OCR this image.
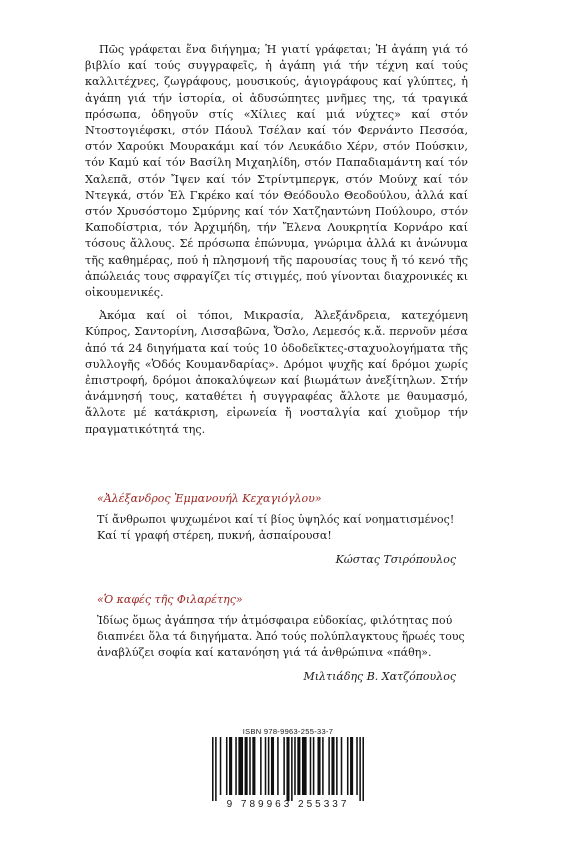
Πῶς γράφεται ἕνα διήγημα; Ἡ γιατί γράφεται; Ἡ ἀγάπη γιά τό βιβλίο καί τούς συγγραφεῖς, ἡ ἀγάπη γιά τήν τέχνη καί τούς καλλιτέχνες, ζωγράφους, μουσικούς, ἁγιογράφους καί γλύπτες, ἡ ἀγάπη γιά τήν ἱστορία, οἱ ἀδυσώπητες μνῆμες της, τά τραγικά πρόσωπα, ὁδηγοῦν στίς «Χίλιες καί μιά νύχτες» καί στόν Ντοστογιέφσκι, στόν Πάουλ Τσέλαν καί τόν Φερνάντο Πεσσόα, στόν Χαρούκι Μουρακάμι καί τόν Λευκάδιο Χέρν, στόν Πούσκιν, τόν Καμύ καί τόν Βασίλη Μιχαηλίδη, στόν Παπαδιαμάντη καί τόν Χαλεπᾶ, στόν Ἴψεν καί τόν Στρίντμπεργκ, στόν Μούνχ καί τόν Ντεγκά, στόν Ἐλ Γκρέκο καί τόν Θεόδουλο Θεοδούλου, ἀλλά καί στόν Χρυσόστομο Σμύρνης καί τόν Χατζηαντώνη Πούλουρο, στόν Καποδίστρια, τόν Ἀρχιμήδη, τήν Ἔλενα Λουκρητία Κορνάρο καί τόσους ἄλλους. Σέ πρόσωπα ἐπώνυμα, γνώριμα ἀλλά κι ἀνώνυμα τῆς καθημέρας, πού ἡ πλησμονή τῆς παρουσίας τους ἤ τό κενό τῆς ἀπώλειάς τους σφραγίζει τίς στιγμές, πού γίνονται διαχρονικές κι οἰκουμενικές.

Ἀκόμα καί οἱ τόποι, Μικρασία, Ἀλεξάνδρεια, κατεχόμενη Κύπρος, Σαντορίνη, Λισσαβῶνα, Ὄσλο, Λεμεσός κ.ἄ. περνοῦν μέσα ἀπό τά 24 διηγήματα καί τούς 10 ὁδοδεῖκτες-σταχυολογήματα τῆς συλλογῆς «Ὁδός Κουμανδαρίας». Δρόμοι ψυχῆς καί δρόμοι χωρίς ἐπιστροφή, δρόμοι ἀποκαλύψεων καί βιωμάτων ἀνεξίτηλων. Στήν ἀνάμνησή τους, καταθέτει ἡ συγγραφέας ἄλλοτε με θαυμασμό, ἄλλοτε μέ κατάκριση, εἰρωνεία ἤ νοσταλγία καί χιοῦμορ τήν πραγματικότητά της.

«Ἀλέξανδρος Ἐμμανουήλ Κεχαγιόγλου»
Τί ἄνθρωποι ψυχωμένοι καί τί βίος ὑψηλός καί νοηματισμένος! Καί τί γραφή στέρεη, πυκνή, ἀσπαίρουσα!
Κώστας Τσιρόπουλος
«Ὁ καφές τῆς Φιλαρέτης»
Ἰδίως ὅμως ἀγάπησα τήν ἀτμόσφαιρα εὐδοκίας, φιλότητας πού διαπνέει ὅλα τά διηγήματα. Ἀπό τούς πολύπλαγκτους ἥρωές τους ἀναβλύζει σοφία καί κατανόηση γιά τά ἀνθρώπινα «πάθη».
Μιλτιάδης Β. Χατζόπουλος
ISBN 978-9963-255-33-7
9 789963 255337
